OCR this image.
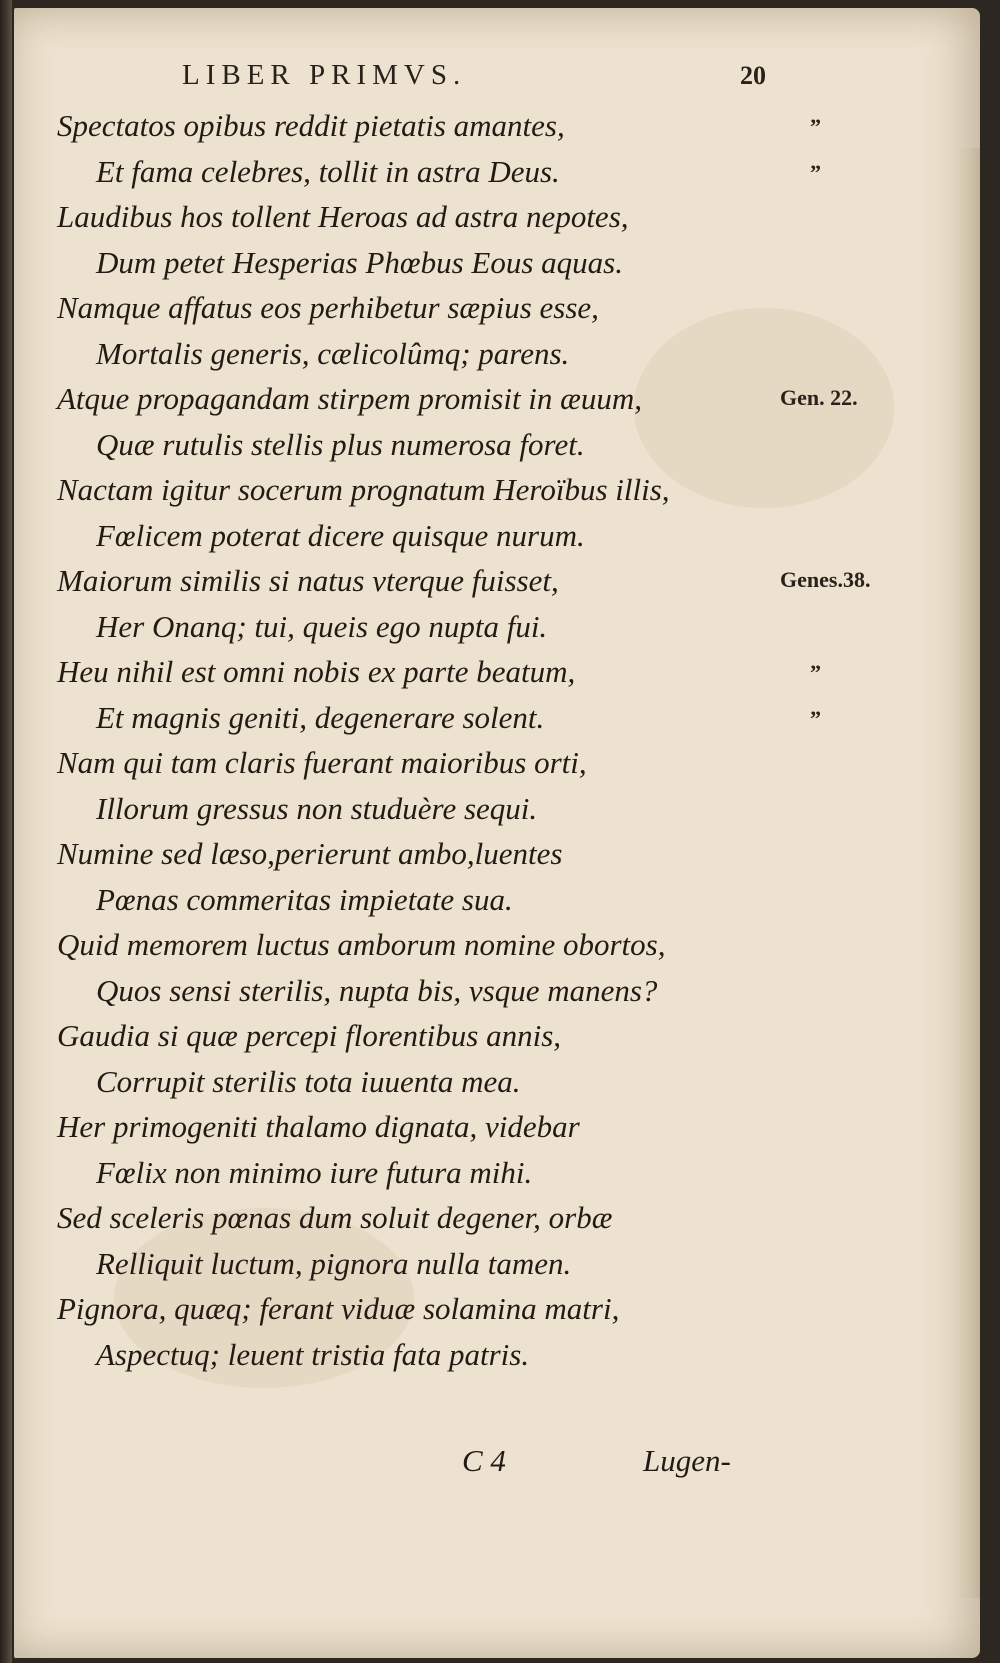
LIBER PRIMVS.	20
Spectatos opibus reddit pietatis amantes,	”
Et fama celebres, tollit in astra Deus.	”
Laudibus hos tollent Heroas ad astra nepotes,
Dum petet Hesperias Phœbus Eous aquas.
Namque affatus eos perhibetur sæpius esse,
Mortalis generis, cælicolûmq; parens.
Atque propagandam stirpem promisit in æuum,	Gen. 22.
Quæ rutulis stellis plus numerosa foret.
Nactam igitur socerum prognatum Heroïbus illis,
Fœlicem poterat dicere quisque nurum.
Maiorum similis si natus vterque fuisset,	Genes.38.
Her Onanq; tui, queis ego nupta fui.
Heu nihil est omni nobis ex parte beatum,	”
Et magnis geniti, degenerare solent.	”
Nam qui tam claris fuerant maioribus orti,
Illorum gressus non studuère sequi.
Numine sed læso,perierunt ambo,luentes
Pœnas commeritas impietate sua.
Quid memorem luctus amborum nomine obortos,
Quos sensi sterilis, nupta bis, vsque manens?
Gaudia si quæ percepi florentibus annis,
Corrupit sterilis tota iuuenta mea.
Her primogeniti thalamo dignata, videbar
Fœlix non minimo iure futura mihi.
Sed sceleris pœnas dum soluit degener, orbæ
Relliquit luctum, pignora nulla tamen.
Pignora, quæq; ferant viduæ solamina matri,
Aspectuq; leuent tristia fata patris.
C 4	Lugen-
